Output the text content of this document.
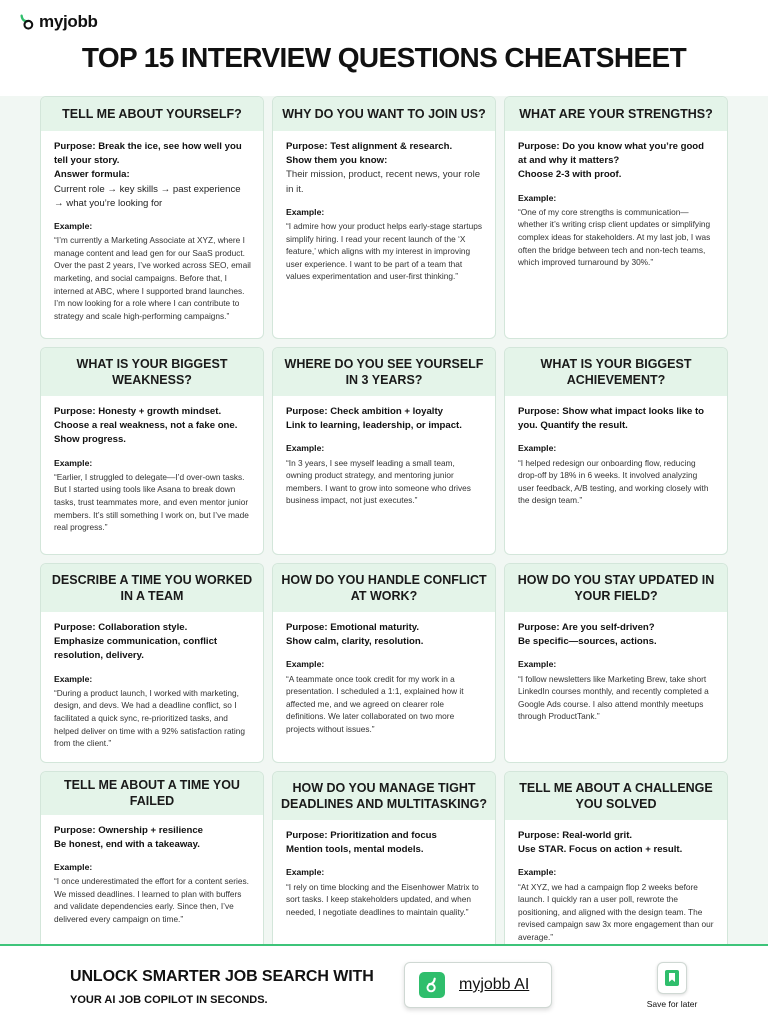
myjobb
TOP 15 INTERVIEW QUESTIONS CHEATSHEET
TELL ME ABOUT YOURSELF?
Purpose: Break the ice, see how well you tell your story.
Answer formula:
Current role → key skills → past experience
→ what you’re looking for
Example:
“I’m currently a Marketing Associate at XYZ, where I manage content and lead gen for our SaaS product. Over the past 2 years, I’ve worked across SEO, email marketing, and social campaigns. Before that, I interned at ABC, where I supported brand launches. I’m now looking for a role where I can contribute to strategy and scale high-performing campaigns.”
WHY DO YOU WANT TO JOIN US?
Purpose: Test alignment & research.
Show them you know:
Their mission, product, recent news, your role in it.
Example:
“I admire how your product helps early-stage startups simplify hiring. I read your recent launch of the ‘X feature,’ which aligns with my interest in improving user experience. I want to be part of a team that values experimentation and user-first thinking.”
WHAT ARE YOUR STRENGTHS?
Purpose: Do you know what you’re good at and why it matters?
Choose 2-3 with proof.
Example:
“One of my core strengths is communication—whether it’s writing crisp client updates or simplifying complex ideas for stakeholders. At my last job, I was often the bridge between tech and non-tech teams, which improved turnaround by 30%.”
WHAT IS YOUR BIGGEST WEAKNESS?
Purpose: Honesty + growth mindset.
Choose a real weakness, not a fake one.
Show progress.
Example:
“Earlier, I struggled to delegate—I’d over-own tasks. But I started using tools like Asana to break down tasks, trust teammates more, and even mentor junior members. It’s still something I work on, but I’ve made real progress.”
WHERE DO YOU SEE YOURSELF IN 3 YEARS?
Purpose: Check ambition + loyalty
Link to learning, leadership, or impact.
Example:
“In 3 years, I see myself leading a small team, owning product strategy, and mentoring junior members. I want to grow into someone who drives business impact, not just executes.”
WHAT IS YOUR BIGGEST ACHIEVEMENT?
Purpose: Show what impact looks like to you. Quantify the result.
Example:
“I helped redesign our onboarding flow, reducing drop-off by 18% in 6 weeks. It involved analyzing user feedback, A/B testing, and working closely with the design team.”
DESCRIBE A TIME YOU WORKED IN A TEAM
Purpose: Collaboration style.
Emphasize communication, conflict resolution, delivery.
Example:
“During a product launch, I worked with marketing, design, and devs. We had a deadline conflict, so I facilitated a quick sync, re-prioritized tasks, and helped deliver on time with a 92% satisfaction rating from the client.”
HOW DO YOU HANDLE CONFLICT AT WORK?
Purpose: Emotional maturity.
Show calm, clarity, resolution.
Example:
“A teammate once took credit for my work in a presentation. I scheduled a 1:1, explained how it affected me, and we agreed on clearer role definitions. We later collaborated on two more projects without issues.”
HOW DO YOU STAY UPDATED IN YOUR FIELD?
Purpose: Are you self-driven?
Be specific—sources, actions.
Example:
“I follow newsletters like Marketing Brew, take short LinkedIn courses monthly, and recently completed a Google Ads course. I also attend monthly meetups through ProductTank.”
TELL ME ABOUT A TIME YOU FAILED
Purpose: Ownership + resilience
Be honest, end with a takeaway.
Example:
“I once underestimated the effort for a content series. We missed deadlines. I learned to plan with buffers and validate dependencies early. Since then, I’ve delivered every campaign on time.”
HOW DO YOU MANAGE TIGHT DEADLINES AND MULTITASKING?
Purpose: Prioritization and focus
Mention tools, mental models.
Example:
“I rely on time blocking and the Eisenhower Matrix to sort tasks. I keep stakeholders updated, and when needed, I negotiate deadlines to maintain quality.”
TELL ME ABOUT A CHALLENGE YOU SOLVED
Purpose: Real-world grit.
Use STAR. Focus on action + result.
Example:
“At XYZ, we had a campaign flop 2 weeks before launch. I quickly ran a user poll, rewrote the positioning, and aligned with the design team. The revised campaign saw 3x more engagement than our average.”
UNLOCK SMARTER JOB SEARCH WITH
YOUR AI JOB COPILOT IN SECONDS.
myjobb AI
Save for later
